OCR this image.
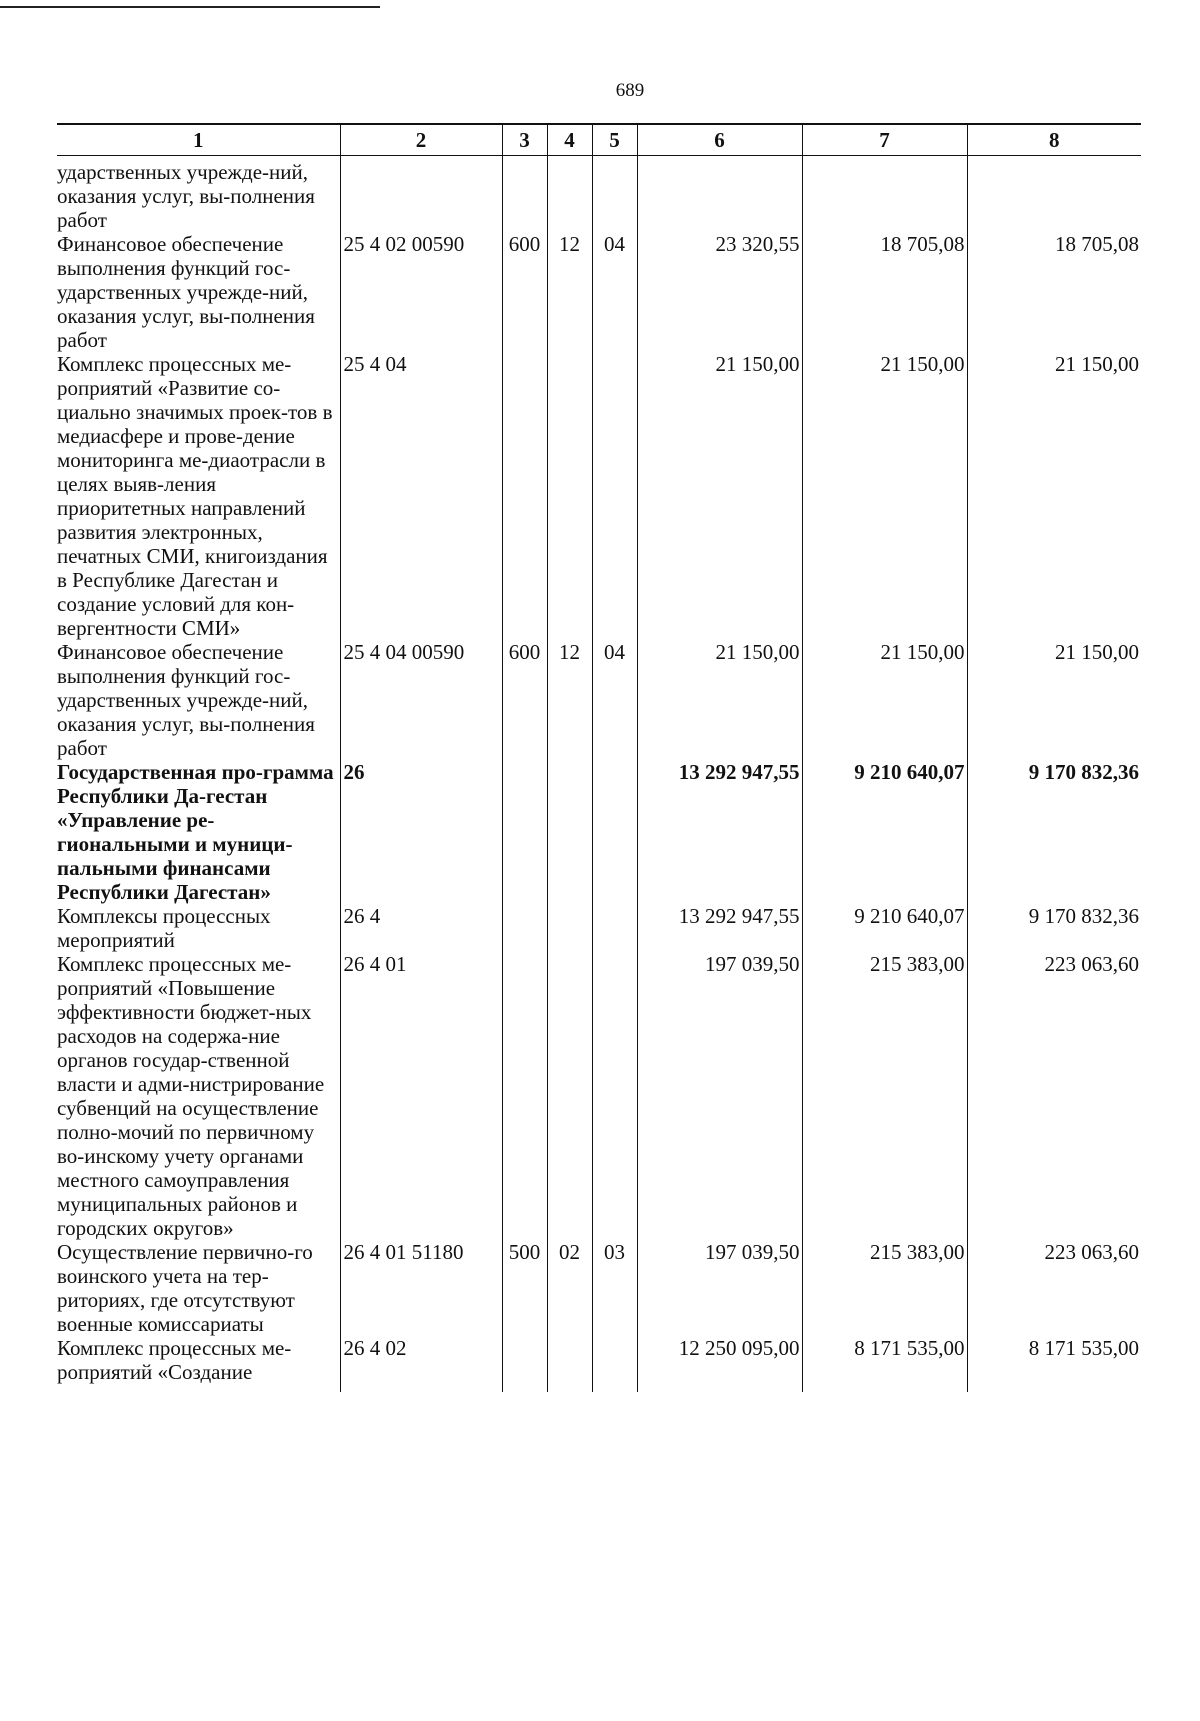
689
1	2	3	4	5	6	7	8
ударственных учрежде-ний, оказания услуг, вы-полнения работ							
Финансовое обеспечение выполнения функций гос-ударственных учрежде-ний, оказания услуг, вы-полнения работ	25 4 02 00590	600	12	04	23 320,55	18 705,08	18 705,08
Комплекс процессных ме-роприятий «Развитие со-циально значимых проек-тов в медиасфере и прове-дение мониторинга ме-диаотрасли в целях выяв-ления приоритетных направлений развития электронных, печатных СМИ, книгоиздания в Республике Дагестан и создание условий для кон-вергентности СМИ»	25 4 04				21 150,00	21 150,00	21 150,00
Финансовое обеспечение выполнения функций гос-ударственных учрежде-ний, оказания услуг, вы-полнения работ	25 4 04 00590	600	12	04	21 150,00	21 150,00	21 150,00
Государственная про-грамма Республики Да-гестан «Управление ре-гиональными и муници-пальными финансами Республики Дагестан»	26				13 292 947,55	9 210 640,07	9 170 832,36
Комплексы процессных мероприятий	26 4				13 292 947,55	9 210 640,07	9 170 832,36
Комплекс процессных ме-роприятий «Повышение эффективности бюджет-ных расходов на содержа-ние органов государ-ственной власти и адми-нистрирование субвенций на осуществление полно-мочий по первичному во-инскому учету органами местного самоуправления муниципальных районов и городских округов»	26 4 01				197 039,50	215 383,00	223 063,60
Осуществление первично-го воинского учета на тер-риториях, где отсутствуют военные комиссариаты	26 4 01 51180	500	02	03	197 039,50	215 383,00	223 063,60
Комплекс процессных ме-роприятий «Создание	26 4 02				12 250 095,00	8 171 535,00	8 171 535,00
